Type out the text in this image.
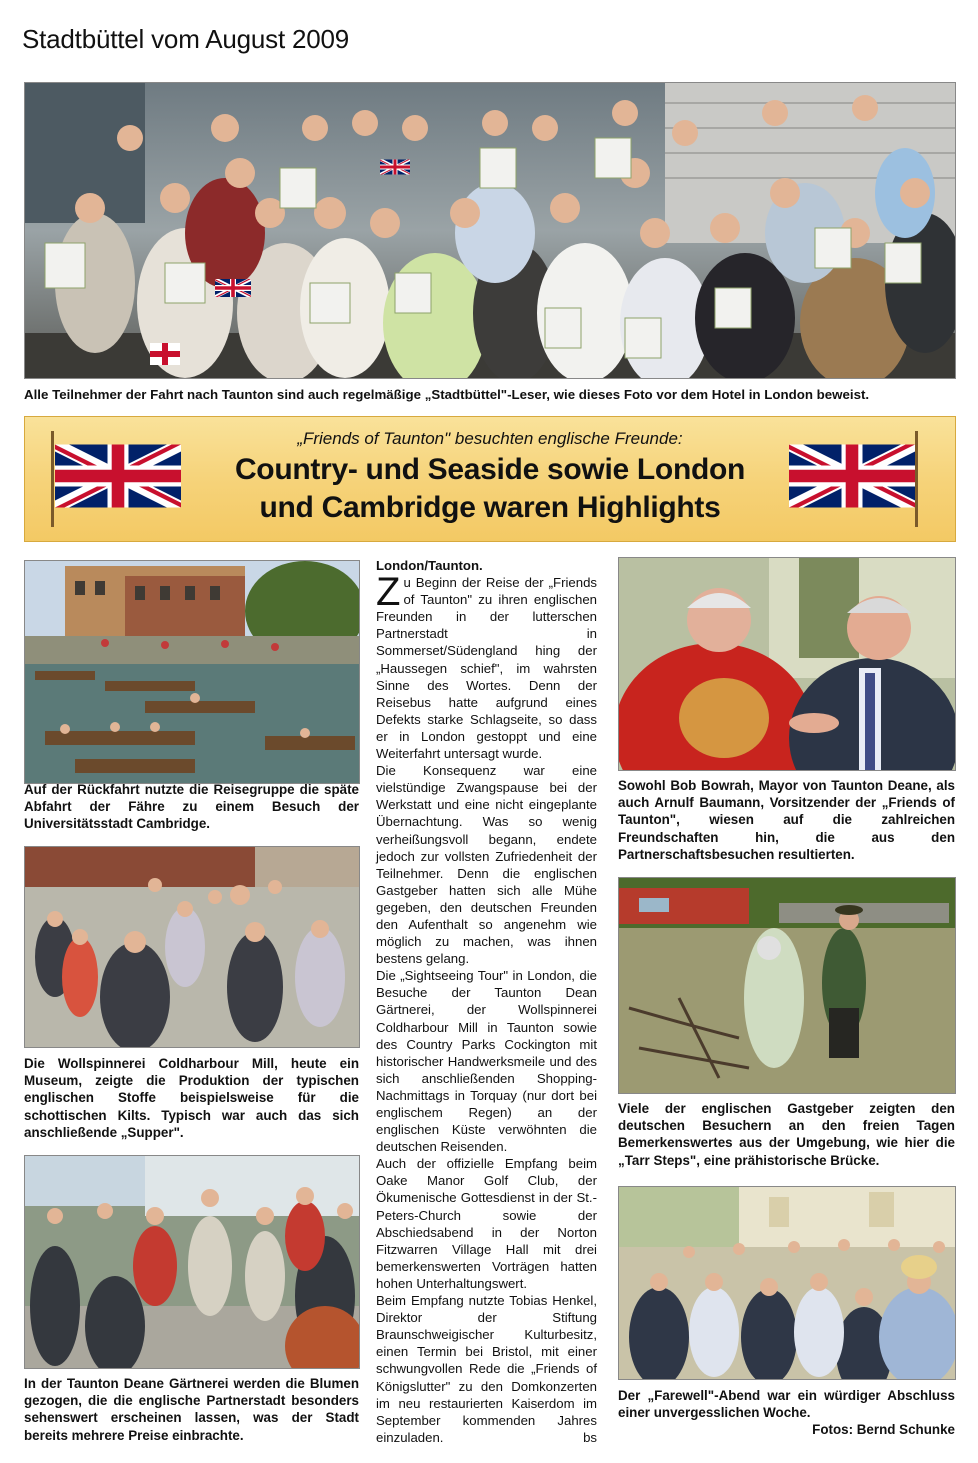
Stadtbüttel vom August 2009

Alle Teilnehmer der Fahrt nach Taunton sind auch regelmäßige „Stadtbüttel"-Leser, wie dieses Foto vor dem Hotel in London beweist.

„Friends of Taunton" besuchten englische Freunde:
Country- und Seaside sowie London
und Cambridge waren Highlights

Auf der Rückfahrt nutzte die Reisegruppe die späte Abfahrt der Fähre zu einem Besuch der Universitätsstadt Cambridge.

Die Wollspinnerei Coldharbour Mill, heute ein Museum, zeigte die Produktion der typischen englischen Stoffe beispielsweise für die schottischen Kilts. Typisch war auch das sich anschließende „Supper".

In der Taunton Deane Gärtnerei werden die Blumen gezogen, die die englische Partnerstadt besonders sehenswert erscheinen lassen, was der Stadt bereits mehrere Preise einbrachte.

London/Taunton.

Zu Beginn der Reise der „Friends of Taunton" zu ihren englischen Freunden in der lutterschen Partnerstadt in Sommerset/Südengland hing der „Haussegen schief", im wahrsten Sinne des Wortes. Denn der Reisebus hatte aufgrund eines Defekts starke Schlagseite, so dass er in London gestoppt und eine Weiterfahrt untersagt wurde.

Die Konsequenz war eine vielstündige Zwangspause bei der Werkstatt und eine nicht eingeplante Übernachtung. Was so wenig verheißungsvoll begann, endete jedoch zur vollsten Zufriedenheit der Teilnehmer. Denn die englischen Gastgeber hatten sich alle Mühe gegeben, den deutschen Freunden den Aufenthalt so angenehm wie möglich zu machen, was ihnen bestens gelang.

Die „Sightseeing Tour" in London, die Besuche der Taunton Dean Gärtnerei, der Wollspinnerei Coldharbour Mill in Taunton sowie des Country Parks Cockington mit historischer Handwerksmeile und des sich anschließenden Shopping-Nachmittags in Torquay (nur dort bei englischem Regen) an der englischen Küste verwöhnten die deutschen Reisenden.

Auch der offizielle Empfang beim Oake Manor Golf Club, der Ökumenische Gottesdienst in der St.-Peters-Church sowie der Abschiedsabend in der Norton Fitzwarren Village Hall mit drei bemerkenswerten Vorträgen hatten hohen Unterhaltungswert.

Beim Empfang nutzte Tobias Henkel, Direktor der Stiftung Braunschweigischer Kulturbesitz, einen Termin bei Bristol, mit einer schwungvollen Rede die „Friends of Königslutter" zu den Domkonzerten im neu restaurierten Kaiserdom im September kommenden Jahres einzuladen.	bs

Sowohl Bob Bowrah, Mayor von Taunton Deane, als auch Arnulf Baumann, Vorsitzender der „Friends of Taunton", wiesen auf die zahlreichen Freundschaften hin, die aus den Partnerschaftsbesuchen resultierten.

Viele der englischen Gastgeber zeigten den deutschen Besuchern an den freien Tagen Bemerkenswertes aus der Umgebung, wie hier die „Tarr Steps", eine prähistorische Brücke.

Der „Farewell"-Abend war ein würdiger Abschluss einer unvergesslichen Woche.

Fotos: Bernd Schunke
